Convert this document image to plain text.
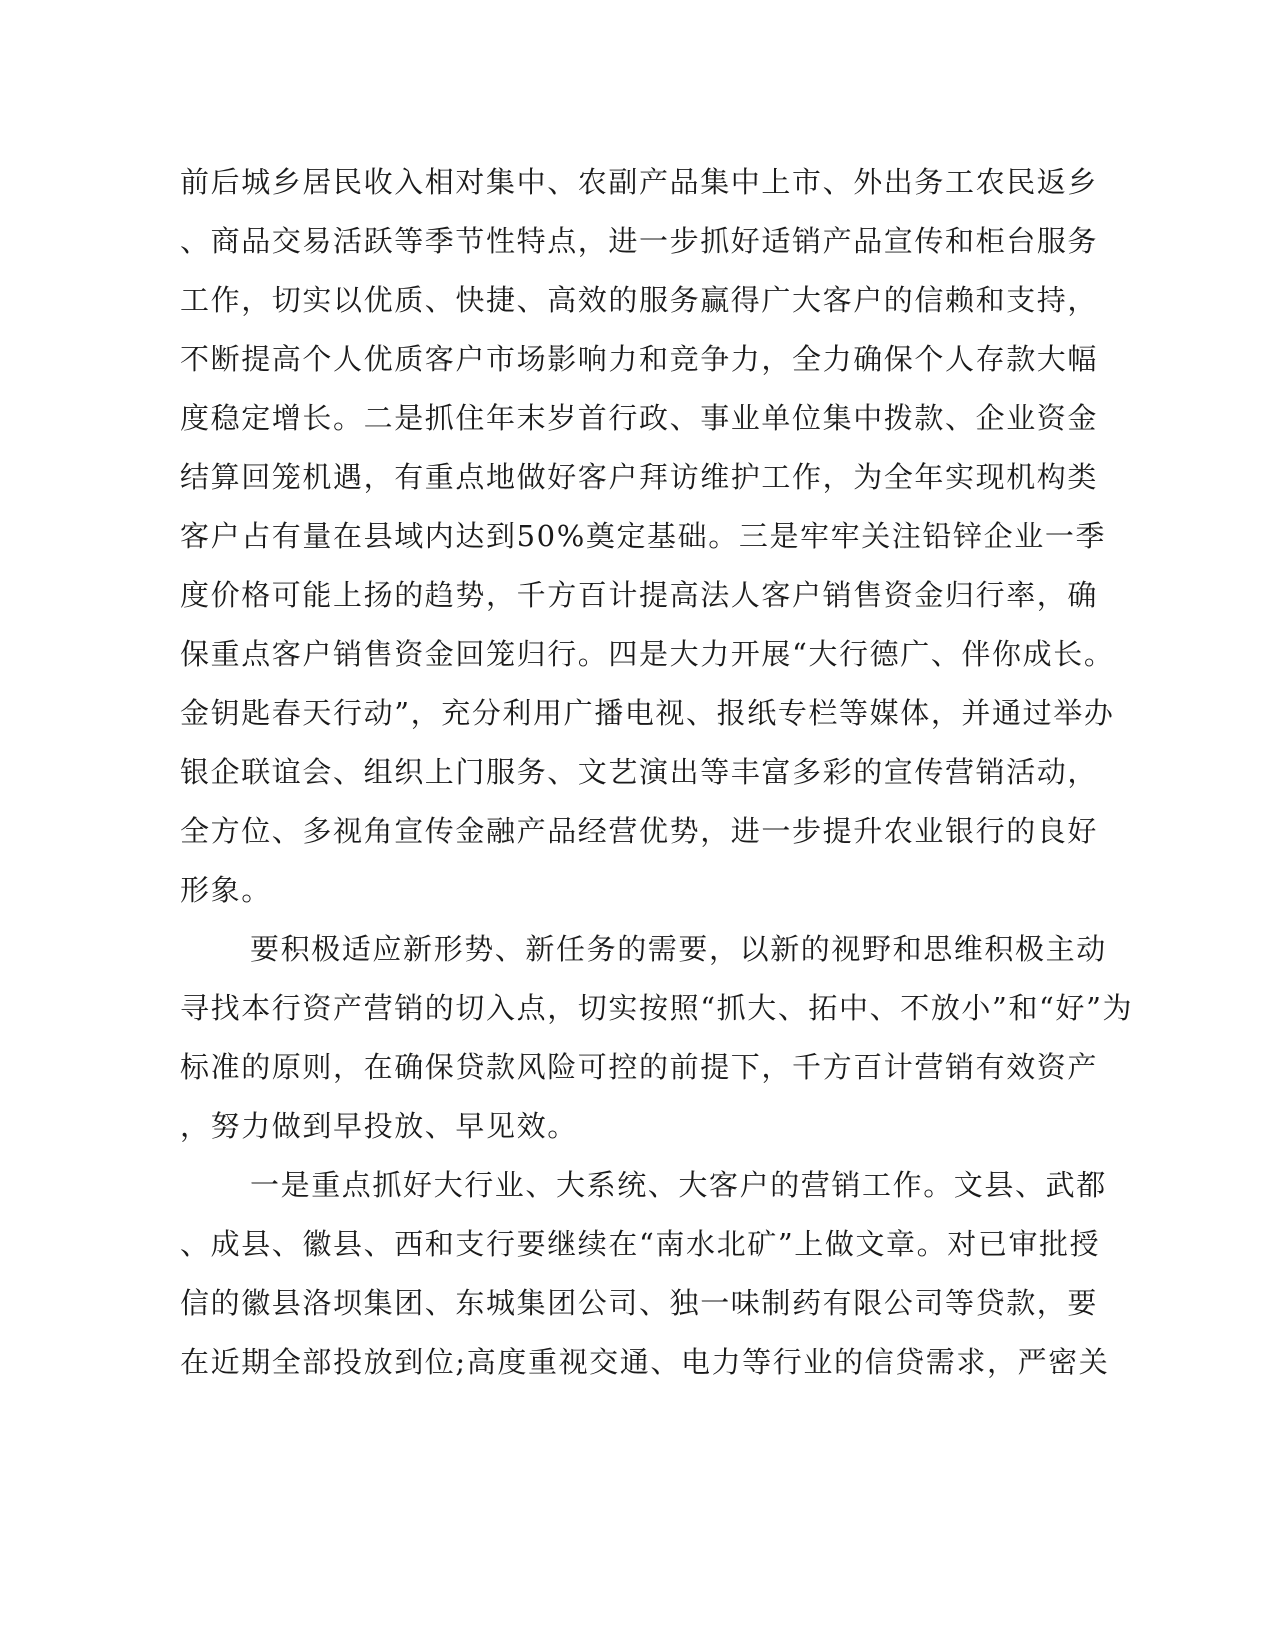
前后城乡居民收入相对集中、农副产品集中上市、外出务工农民返乡
、商品交易活跃等季节性特点，进一步抓好适销产品宣传和柜台服务
工作，切实以优质、快捷、高效的服务赢得广大客户的信赖和支持，
不断提高个人优质客户市场影响力和竞争力，全力确保个人存款大幅
度稳定增长。二是抓住年末岁首行政、事业单位集中拨款、企业资金
结算回笼机遇，有重点地做好客户拜访维护工作，为全年实现机构类
客户占有量在县域内达到50%奠定基础。三是牢牢关注铅锌企业一季
度价格可能上扬的趋势，千方百计提高法人客户销售资金归行率，确
保重点客户销售资金回笼归行。四是大力开展“大行德广、伴你成长。
金钥匙春天行动”，充分利用广播电视、报纸专栏等媒体，并通过举办
银企联谊会、组织上门服务、文艺演出等丰富多彩的宣传营销活动，
全方位、多视角宣传金融产品经营优势，进一步提升农业银行的良好
形象。
要积极适应新形势、新任务的需要，以新的视野和思维积极主动
寻找本行资产营销的切入点，切实按照“抓大、拓中、不放小”和“好”为
标准的原则，在确保贷款风险可控的前提下，千方百计营销有效资产
，努力做到早投放、早见效。
一是重点抓好大行业、大系统、大客户的营销工作。文县、武都
、成县、徽县、西和支行要继续在“南水北矿”上做文章。对已审批授
信的徽县洛坝集团、东城集团公司、独一味制药有限公司等贷款，要
在近期全部投放到位;高度重视交通、电力等行业的信贷需求，严密关
